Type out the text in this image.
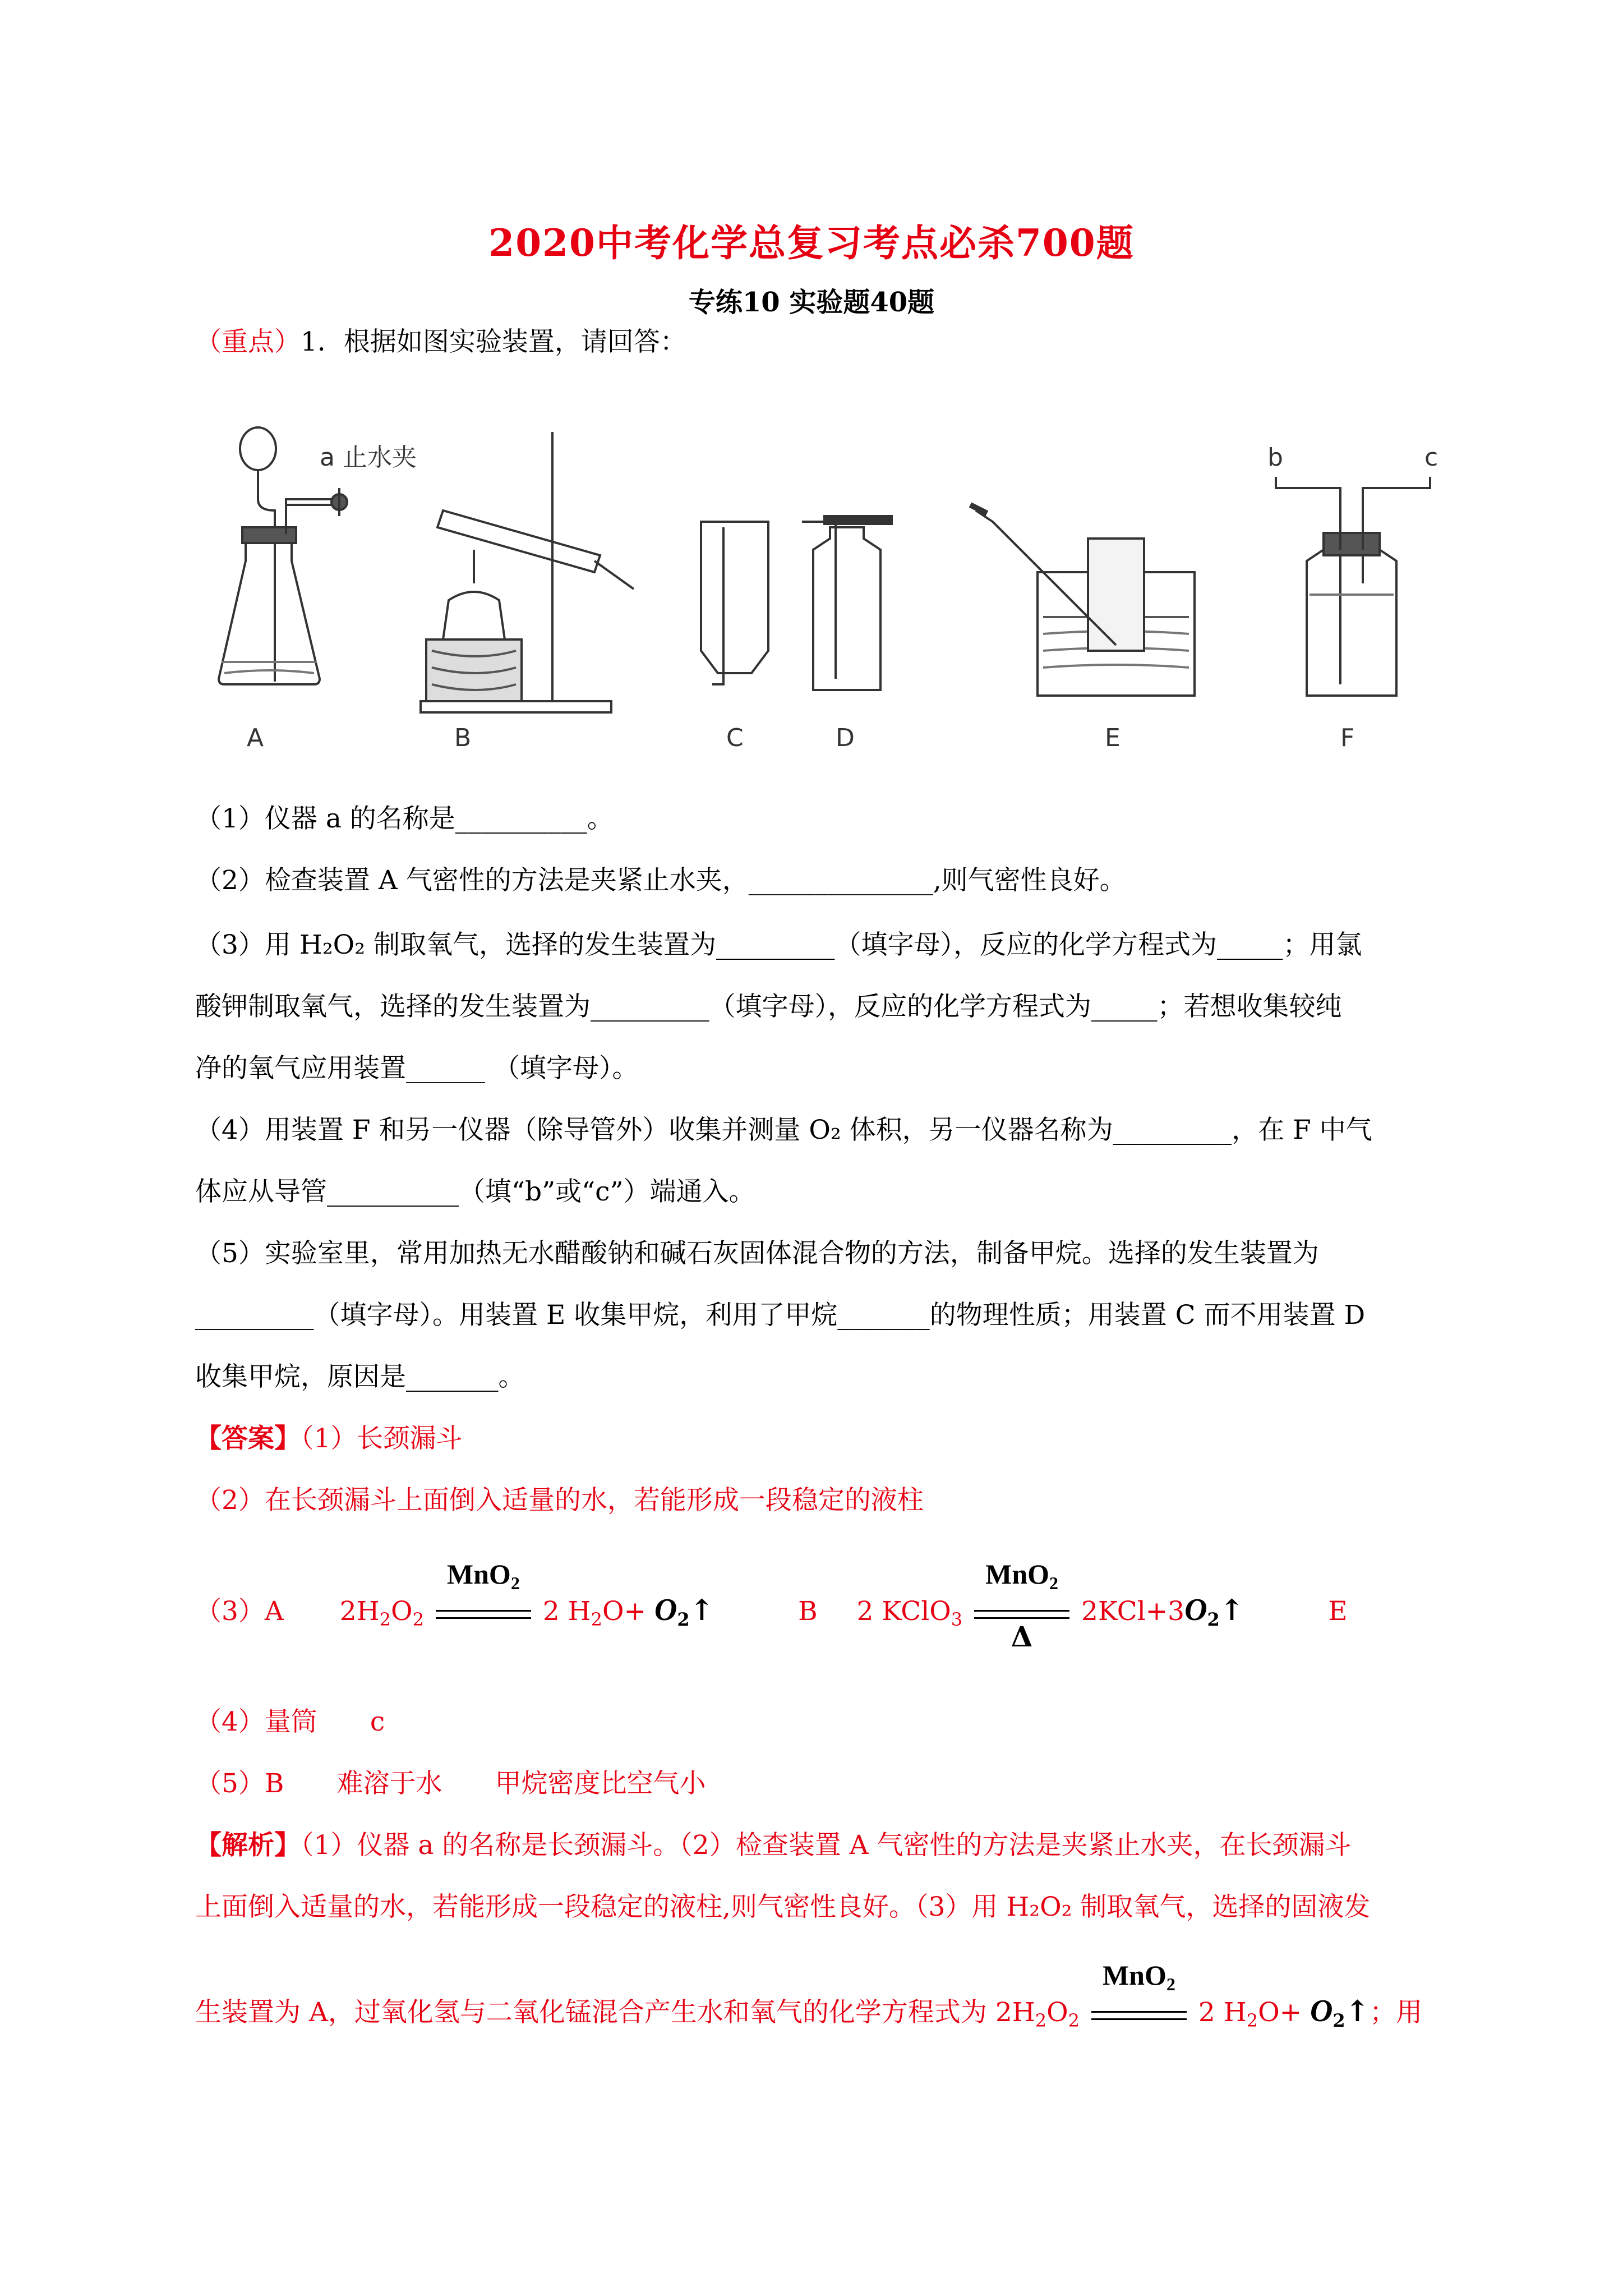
2020中考化学总复习考点必杀700题
专练10 实验题40题
（重点）1．根据如图实验装置，请回答：
a 止水夹
A	B	C	D	E
b	c
F
（1）仪器 a 的名称是__________。
（2）检查装置 A 气密性的方法是夹紧止水夹，______________,则气密性良好。
（3）用 H₂O₂ 制取氧气，选择的发生装置为_________（填字母），反应的化学方程式为_____；用氯
酸钾制取氧气，选择的发生装置为_________（填字母），反应的化学方程式为_____；若想收集较纯
净的氧气应用装置______ （填字母）。
（4）用装置 F 和另一仪器（除导管外）收集并测量 O₂ 体积，另一仪器名称为_________，在 F 中气
体应从导管__________（填“b”或“c”）端通入。
（5）实验室里，常用加热无水醋酸钠和碱石灰固体混合物的方法，制备甲烷。选择的发生装置为
_________（填字母）。用装置 E 收集甲烷，利用了甲烷_______的物理性质；用装置 C 而不用装置 D
收集甲烷，原因是_______。
【答案】（1）长颈漏斗
（2）在长颈漏斗上面倒入适量的水，若能形成一段稳定的液柱
（3）A $2H_2O_2$
MnO$_2$
2 $H_2O+$ $O_2↑$	B 2 KClO$_3$
MnO$_2$
Δ
$2KCl+3O_2↑$	E
（4）量筒　　c
（5）B　　难溶于水　　甲烷密度比空气小
【解析】（1）仪器 a 的名称是长颈漏斗。（2）检查装置 A 气密性的方法是夹紧止水夹，在长颈漏斗
上面倒入适量的水，若能形成一段稳定的液柱,则气密性良好。（3）用 H₂O₂ 制取氧气，选择的固液发
生装置为 A，过氧化氢与二氧化锰混合产生水和氧气的化学方程式为 $2H_2O_2$
MnO$_2$
2 $H_2O+$ $O_2↑$；用
